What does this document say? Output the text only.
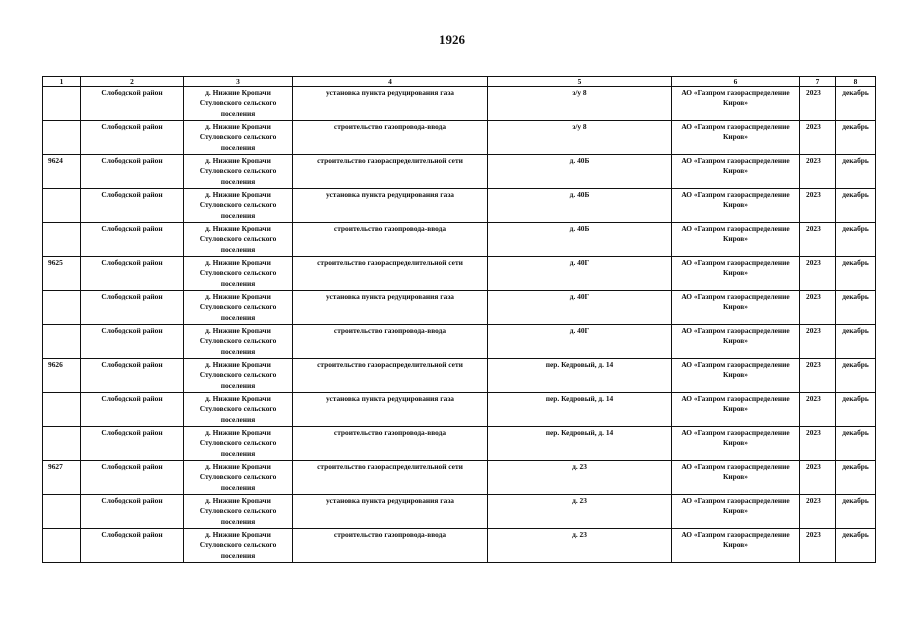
1926
1	2	3	4	5	6	7	8
	Слободской район	д. Нижние Кропачи Стуловского сельского поселения	установка пункта редуцирования газа	з/у 8	АО «Газпром газораспределение Киров»	2023	декабрь
	Слободской район	д. Нижние Кропачи Стуловского сельского поселения	строительство газопровода-ввода	з/у 8	АО «Газпром газораспределение Киров»	2023	декабрь
9624	Слободской район	д. Нижние Кропачи Стуловского сельского поселения	строительство газораспределительной сети	д. 40Б	АО «Газпром газораспределение Киров»	2023	декабрь
	Слободской район	д. Нижние Кропачи Стуловского сельского поселения	установка пункта редуцирования газа	д. 40Б	АО «Газпром газораспределение Киров»	2023	декабрь
	Слободской район	д. Нижние Кропачи Стуловского сельского поселения	строительство газопровода-ввода	д. 40Б	АО «Газпром газораспределение Киров»	2023	декабрь
9625	Слободской район	д. Нижние Кропачи Стуловского сельского поселения	строительство газораспределительной сети	д. 40Г	АО «Газпром газораспределение Киров»	2023	декабрь
	Слободской район	д. Нижние Кропачи Стуловского сельского поселения	установка пункта редуцирования газа	д. 40Г	АО «Газпром газораспределение Киров»	2023	декабрь
	Слободской район	д. Нижние Кропачи Стуловского сельского поселения	строительство газопровода-ввода	д. 40Г	АО «Газпром газораспределение Киров»	2023	декабрь
9626	Слободской район	д. Нижние Кропачи Стуловского сельского поселения	строительство газораспределительной сети	пер. Кедровый, д. 14	АО «Газпром газораспределение Киров»	2023	декабрь
	Слободской район	д. Нижние Кропачи Стуловского сельского поселения	установка пункта редуцирования газа	пер. Кедровый, д. 14	АО «Газпром газораспределение Киров»	2023	декабрь
	Слободской район	д. Нижние Кропачи Стуловского сельского поселения	строительство газопровода-ввода	пер. Кедровый, д. 14	АО «Газпром газораспределение Киров»	2023	декабрь
9627	Слободской район	д. Нижние Кропачи Стуловского сельского поселения	строительство газораспределительной сети	д. 23	АО «Газпром газораспределение Киров»	2023	декабрь
	Слободской район	д. Нижние Кропачи Стуловского сельского поселения	установка пункта редуцирования газа	д. 23	АО «Газпром газораспределение Киров»	2023	декабрь
	Слободской район	д. Нижние Кропачи Стуловского сельского поселения	строительство газопровода-ввода	д. 23	АО «Газпром газораспределение Киров»	2023	декабрь
